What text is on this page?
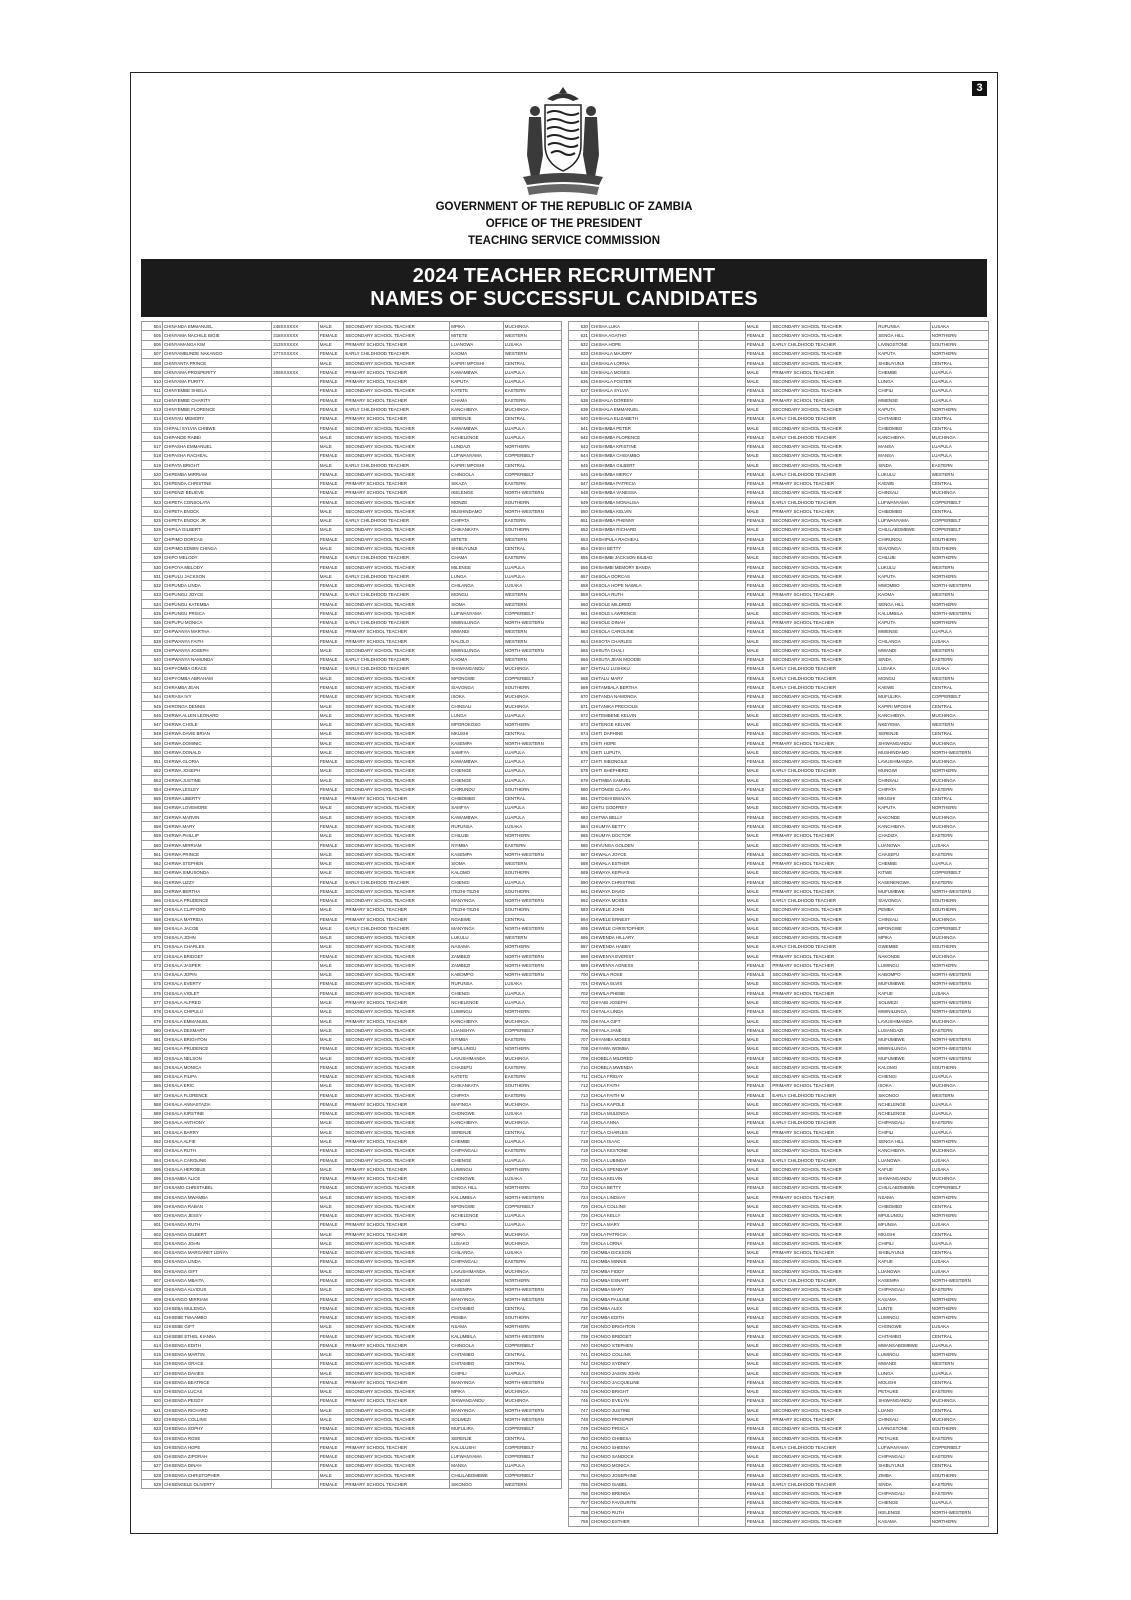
3
GOVERNMENT OF THE REPUBLIC OF ZAMBIA
OFFICE OF THE PRESIDENT
TEACHING SERVICE COMMISSION
2024 TEACHER RECRUITMENT
NAMES OF SUCCESSFUL CANDIDATES
504	CHINANDA EMMANUEL	248XXXXXX	MALE	SECONDARY SCHOOL TEACHER	MPIKA	MUCHINGA
505	CHINYAMA NACHILE BIGIE	318XXXXXX	FEMALE	SECONDARY SCHOOL TEACHER	MITETE	WESTERN
506	CHINYAMANGA KIM	313XXXXXX	MALE	PRIMARY SCHOOL TEACHER	LUANGWA	LUSAKA
507	CHINYAMBUNDE NAKANGO	277XXXXXX	FEMALE	EARLY CHILDHOOD TEACHER	KAOMA	WESTERN
508	CHINYANTA PRINCE		MALE	SECONDARY SCHOOL TEACHER	KAPIRI MPOSHI	CENTRAL
509	CHINYAMA PROSPERITY	209XXXXXX	FEMALE	PRIMARY SCHOOL TEACHER	KAWAMBWA	LUAPULA
510	CHINYAMA PURITY		FEMALE	PRIMARY SCHOOL TEACHER	KAPUTA	LUAPULA
511	CHINYEMBE SHEILA		FEMALE	SECONDARY SCHOOL TEACHER	KATETE	EASTERN
512	CHINYEMBE CHARITY		FEMALE	PRIMARY SCHOOL TEACHER	CHAMA	EASTERN
513	CHINYEMBE FLORENCE		FEMALE	EARLY CHILDHOOD TEACHER	KANCHIBIYA	MUCHINGA
514	CHINYAU MEMORY		FEMALE	PRIMARY SCHOOL TEACHER	SERENJE	CENTRAL
515	CHIPALI SYLVIA CHIBWE		FEMALE	SECONDARY SCHOOL TEACHER	KAWAMBWA	LUAPULA
516	CHIPANDE RABBI		MALE	SECONDARY SCHOOL TEACHER	NCHELENGE	LUAPULA
517	CHIPASHA EMMANUEL		MALE	SECONDARY SCHOOL TEACHER	LUNDAZI	NORTHERN
518	CHIPASHA RACHEAL		FEMALE	SECONDARY SCHOOL TEACHER	LUFWANYAMA	COPPERBELT
519	CHIPATA BRIGHT		MALE	EARLY CHILDHOOD TEACHER	KAPIRI MPOSHI	CENTRAL
520	CHIPEMBA MIRRIAM		FEMALE	SECONDARY SCHOOL TEACHER	CHINGOLA	COPPERBELT
521	CHIPENDA CHRISTINE		FEMALE	PRIMARY SCHOOL TEACHER	SIKAZA	EASTERN
522	CHIPENZI BELIEVE		FEMALE	PRIMARY SCHOOL TEACHER	IKELENGE	NORTH-WESTERN
523	CHIPETA CONSOLATA		FEMALE	SECONDARY SCHOOL TEACHER	MONZE	SOUTHERN
524	CHIPETA ENOCK		MALE	SECONDARY SCHOOL TEACHER	MUSHINDAMO	NORTH-WESTERN
525	CHIPETA ENOCK JR		MALE	EARLY CHILDHOOD TEACHER	CHIPATA	EASTERN
526	CHIPILA GILBERT		MALE	SECONDARY SCHOOL TEACHER	CHIKANKATA	SOUTHERN
527	CHIPIMO DORCAS		FEMALE	SECONDARY SCHOOL TEACHER	MITETE	WESTERN
528	CHIPIMO EDWIN CHINGA		MALE	SECONDARY SCHOOL TEACHER	SHIBUYUNJI	CENTRAL
529	CHIPO MELODY		FEMALE	EARLY CHILDHOOD TEACHER	CHAMA	EASTERN
530	CHIPOYA MELODY		FEMALE	SECONDARY SCHOOL TEACHER	MILENGE	LUAPULA
531	CHIPULU JACKSON		MALE	EARLY CHILDHOOD TEACHER	LUNGA	LUAPULA
532	CHIPUNDA LINDA		FEMALE	SECONDARY SCHOOL TEACHER	CHILANGA	LUSAKA
533	CHIPUNGU JOYCE		FEMALE	EARLY CHILDHOOD TEACHER	MONGU	WESTERN
534	CHIPUNGU KATEMBA		FEMALE	SECONDARY SCHOOL TEACHER	SIOMA	WESTERN
535	CHIPUNGU PRISCA		FEMALE	SECONDARY SCHOOL TEACHER	LUFWANYAMA	COPPERBELT
536	CHIPUPU MONICA		FEMALE	EARLY CHILDHOOD TEACHER	MWINILUNGA	NORTH-WESTERN
537	CHIPWANYA MARTHA		FEMALE	PRIMARY SCHOOL TEACHER	MWANDI	WESTERN
538	CHIPWANYA FAITH		FEMALE	PRIMARY SCHOOL TEACHER	NALOLO	WESTERN
539	CHIPWANYA JOSEPH		MALE	SECONDARY SCHOOL TEACHER	MWINILUNGA	NORTH-WESTERN
540	CHIPWANYA NAMUNDA		FEMALE	EARLY CHILDHOOD TEACHER	KAOMA	WESTERN
541	CHIPYOMBA GRACE		FEMALE	EARLY CHILDHOOD TEACHER	SHIWANGANDU	MUCHINGA
542	CHIPYOMBA ABRAHAM		MALE	SECONDARY SCHOOL TEACHER	MPONGWE	COPPERBELT
543	CHIRAMBA JEAN		FEMALE	SECONDARY SCHOOL TEACHER	SIAVONGA	SOUTHERN
544	CHIRASA IVY		FEMALE	SECONDARY SCHOOL TEACHER	ISOKA	MUCHINGA
545	CHIRONGA DENNIS		MALE	SECONDARY SCHOOL TEACHER	CHINSALI	MUCHINGA
546	CHIRWA ALLEN LEONARD		MALE	SECONDARY SCHOOL TEACHER	LUNGA	LUAPULA
547	CHIRWA CHOLE		MALE	SECONDARY SCHOOL TEACHER	MPOROKOSO	NORTHERN
548	CHIRWA DAVIE BRIAN		MALE	SECONDARY SCHOOL TEACHER	MKUSHI	CENTRAL
549	CHIRWA DOMINIC		MALE	SECONDARY SCHOOL TEACHER	KASEMPA	NORTH-WESTERN
550	CHIRWA DONALD		MALE	SECONDARY SCHOOL TEACHER	SAMFYA	LUAPULA
551	CHIRWA GLORIA		FEMALE	SECONDARY SCHOOL TEACHER	KAWAMBWA	LUAPULA
552	CHIRWA JOSEPH		MALE	SECONDARY SCHOOL TEACHER	CHIENGE	LUAPULA
553	CHIRWA JUSTINE		MALE	SECONDARY SCHOOL TEACHER	CHIENGE	LUAPULA
554	CHIRWA LESLEY		FEMALE	SECONDARY SCHOOL TEACHER	CHIRUNDU	SOUTHERN
555	CHIRWA LIBERTY		FEMALE	PRIMARY SCHOOL TEACHER	CHIBOMBO	CENTRAL
556	CHIRWA LOVEMORE		MALE	SECONDARY SCHOOL TEACHER	SAMFYA	LUAPULA
557	CHIRWA MARVIN		MALE	SECONDARY SCHOOL TEACHER	KAWAMBWA	LUAPULA
558	CHIRWA MARY		FEMALE	SECONDARY SCHOOL TEACHER	RUFUNSA	LUSAKA
559	CHIRWA PHILLIP		MALE	SECONDARY SCHOOL TEACHER	CHILUBI	NORTHERN
560	CHIRWA MIRRIAM		FEMALE	SECONDARY SCHOOL TEACHER	NYIMBA	EASTERN
561	CHIRWA PRINCE		MALE	SECONDARY SCHOOL TEACHER	KASEMPA	NORTH-WESTERN
562	CHIRWA STEPHEN		MALE	SECONDARY SCHOOL TEACHER	SIOMA	WESTERN
563	CHIRWA SIMUSONDA		MALE	SECONDARY SCHOOL TEACHER	KALOMO	SOUTHERN
564	CHIRWA LIZZY		FEMALE	EARLY CHILDHOOD TEACHER	CHIENGI	LUAPULA
565	CHIRWA BERTHA		FEMALE	SECONDARY SCHOOL TEACHER	ITEZHI-TEZHI	SOUTHERN
566	CHISALA PRUDENCE		FEMALE	SECONDARY SCHOOL TEACHER	MANYINGA	NORTH-WESTERN
567	CHISALA CLIFFORD		MALE	PRIMARY SCHOOL TEACHER	ITEZHI-TEZHI	SOUTHERN
568	CHISALA MATRIDA		FEMALE	PRIMARY SCHOOL TEACHER	NGABWE	CENTRAL
569	CHISALA JACOB		MALE	EARLY CHILDHOOD TEACHER	MANYINGA	NORTH-WESTERN
570	CHISALA JOHN		MALE	SECONDARY SCHOOL TEACHER	LUKULU	WESTERN
571	CHISALA CHARLES		MALE	SECONDARY SCHOOL TEACHER	NASAMA	NORTHERN
572	CHISALA BRIDGET		FEMALE	SECONDARY SCHOOL TEACHER	ZAMBEZI	NORTH-WESTERN
573	CHISALA JASPER		MALE	SECONDARY SCHOOL TEACHER	ZAMBEZI	NORTH-WESTERN
574	CHISALA JOPIN		MALE	SECONDARY SCHOOL TEACHER	KABOMPO	NORTH-WESTERN
575	CHISALA EVERTY		FEMALE	SECONDARY SCHOOL TEACHER	RUFUNSA	LUSAKA
576	CHISALA VIOLET		FEMALE	SECONDARY SCHOOL TEACHER	CHIENGI	LUAPULA
577	CHISALA ALFRED		MALE	PRIMARY SCHOOL TEACHER	NCHELENGE	LUAPULA
578	CHISALA CHIPULU		MALE	SECONDARY SCHOOL TEACHER	LUWINGU	NORTHERN
579	CHISALA EMMANUEL		MALE	PRIMARY SCHOOL TEACHER	KANCHIBIYA	MUCHINGA
580	CHISALA DESMART		MALE	SECONDARY SCHOOL TEACHER	LUANSHYA	COPPERBELT
581	CHISALA BRIGHTON		MALE	SECONDARY SCHOOL TEACHER	NYIMBA	EASTERN
582	CHISALA PRUDENCE		FEMALE	SECONDARY SCHOOL TEACHER	MPULUNGU	NORTHERN
583	CHISALA NELSON		MALE	SECONDARY SCHOOL TEACHER	LAVUSHIMANDA	MUCHINGA
584	CHISALA MONICA		FEMALE	SECONDARY SCHOOL TEACHER	CHASEFU	EASTERN
585	CHISALA FILIPA		FEMALE	SECONDARY SCHOOL TEACHER	KATETE	EASTERN
586	CHISALA ERIC		MALE	SECONDARY SCHOOL TEACHER	CHIKANKATA	SOUTHERN
587	CHISALA FLORENCE		FEMALE	SECONDARY SCHOOL TEACHER	CHIPATA	EASTERN
588	CHISALA ANNASTAZIA		FEMALE	PRIMARY SCHOOL TEACHER	MAFINGA	MUCHINGA
589	CHISALA KIRSTINE		FEMALE	SECONDARY SCHOOL TEACHER	CHONGWE	LUSAKA
590	CHISALA ANTHONY		MALE	SECONDARY SCHOOL TEACHER	KANCHIBIYA	MUCHINGA
591	CHISALA BARRY		MALE	SECONDARY SCHOOL TEACHER	SERENJE	CENTRAL
592	CHISALA ALFIE		MALE	PRIMARY SCHOOL TEACHER	CHEMBE	LUAPULA
593	CHISALA RUTH		FEMALE	SECONDARY SCHOOL TEACHER	CHIPANGALI	EASTERN
594	CHISALA CAROLINE		FEMALE	SECONDARY SCHOOL TEACHER	CHIENGE	LUAPULA
595	CHISALA HEROBUS		MALE	PRIMARY SCHOOL TEACHER	LUWINGU	NORTHERN
596	CHISAMBA ALICE		FEMALE	PRIMARY SCHOOL TEACHER	CHONGWE	LUSAKA
597	CHISAMO CHRISTABEL		FEMALE	SECONDARY SCHOOL TEACHER	SENGA HILL	NORTHERN
598	CHISANGA MWAMBA		MALE	SECONDARY SCHOOL TEACHER	KALUMBILA	NORTH-WESTERN
599	CHISANGA RABAN		MALE	SECONDARY SCHOOL TEACHER	MPONGWE	COPPERBELT
600	CHISANGA JESSY		FEMALE	SECONDARY SCHOOL TEACHER	NCHELENGE	LUAPULA
601	CHISANGA RUTH		FEMALE	PRIMARY SCHOOL TEACHER	CHIPILI	LUAPULA
602	CHISANGA GILBERT		MALE	PRIMARY SCHOOL TEACHER	MPIKA	MUCHINGA
603	CHISANGA JOHN		MALE	SECONDARY SCHOOL TEACHER	LUSAKO	MUCHINGA
604	CHISANGA MARGARET LENYA		FEMALE	SECONDARY SCHOOL TEACHER	CHILANGA	LUSAKA
605	CHISANGA LINDA		FEMALE	SECONDARY SCHOOL TEACHER	CHIPANGALI	EASTERN
606	CHISANGA GIFT		MALE	SECONDARY SCHOOL TEACHER	LAVUSHIMANDA	MUCHINGA
607	CHISANGA MBAITA		FEMALE	SECONDARY SCHOOL TEACHER	MUNGWI	NORTHERN
608	CHISANGA ALVIOUS		MALE	SECONDARY SCHOOL TEACHER	KASEMPA	NORTH-WESTERN
609	CHISANGO MIRRIAM		FEMALE	SECONDARY SCHOOL TEACHER	MANYINGA	NORTH-WESTERN
610	CHISEBA MULENGA		FEMALE	SECONDARY SCHOOL TEACHER	CHITAMBO	CENTRAL
611	CHISEBE TWAAMBO		FEMALE	SECONDARY SCHOOL TEACHER	PEMBA	SOUTHERN
612	CHISEBE GIFT		MALE	SECONDARY SCHOOL TEACHER	NSAMA	NORTHERN
613	CHISEBE ETHEL KIANNA		FEMALE	SECONDARY SCHOOL TEACHER	KALUMBILA	NORTH-WESTERN
614	CHISENGA EDITH		FEMALE	PRIMARY SCHOOL TEACHER	CHINGOLA	COPPERBELT
615	CHISENGA MARTIN		MALE	SECONDARY SCHOOL TEACHER	CHITAMBO	CENTRAL
616	CHISENGA GRACE		FEMALE	SECONDARY SCHOOL TEACHER	CHITAMBO	CENTRAL
617	CHISENGA DAVIES		MALE	SECONDARY SCHOOL TEACHER	CHIPILI	LUAPULA
618	CHISENGA BEATRICE		FEMALE	PRIMARY SCHOOL TEACHER	MANYINGA	NORTH-WESTERN
619	CHISENGA LUCAS		MALE	SECONDARY SCHOOL TEACHER	MPIKA	MUCHINGA
620	CHISENGA PEGGY		FEMALE	PRIMARY SCHOOL TEACHER	SHIWANGANDU	MUCHINGA
621	CHISENGA RICHARD		MALE	SECONDARY SCHOOL TEACHER	MANYINGA	NORTH-WESTERN
622	CHISENGA COLLINS		MALE	SECONDARY SCHOOL TEACHER	SOLWEZI	NORTH-WESTERN
623	CHISENGA SOPHY		FEMALE	SECONDARY SCHOOL TEACHER	MUFULIRA	COPPERBELT
624	CHISENGA ROSE		FEMALE	SECONDARY SCHOOL TEACHER	SERENJE	CENTRAL
625	CHISENGA HOPE		FEMALE	PRIMARY SCHOOL TEACHER	KALULUSHI	COPPERBELT
626	CHISENGA ZIPORAH		FEMALE	SECONDARY SCHOOL TEACHER	LUFWANYAMA	COPPERBELT
627	CHISENGA DINAH		FEMALE	SECONDARY SCHOOL TEACHER	MANSA	LUAPULA
628	CHISENGA CHRISTOPHER		MALE	SECONDARY SCHOOL TEACHER	CHILILABOMBWE	COPPERBELT
629	CHISENGELE OLIVERTY		FEMALE	PRIMARY SCHOOL TEACHER	SIKONGO	WESTERN
630	CHISHA LUKA		MALE	SECONDARY SCHOOL TEACHER	RUFUNSA	LUSAKA
631	CHISHA AGATHO		FEMALE	SECONDARY SCHOOL TEACHER	SENGA HILL	NORTHERN
632	CHISHA HOPE		FEMALE	EARLY CHILDHOOD TEACHER	LIVINGSTONE	SOUTHERN
633	CHISHALA MAJORY		FEMALE	SECONDARY SCHOOL TEACHER	KAPUTA	NORTHERN
634	CHISHALA LORNA		FEMALE	SECONDARY SCHOOL TEACHER	SHIBUYUNJI	CENTRAL
635	CHISHALA MOSES		MALE	PRIMARY SCHOOL TEACHER	CHEMBE	LUAPULA
636	CHISHALA FOSTER		MALE	SECONDARY SCHOOL TEACHER	LUNGA	LUAPULA
637	CHISHALA SYLVIA		FEMALE	SECONDARY SCHOOL TEACHER	CHIFILI	LUAPULA
638	CHISHALA DOREEN		FEMALE	PRIMARY SCHOOL TEACHER	MWENSE	LUAPULA
639	CHISHALA EMMANUEL		MALE	SECONDARY SCHOOL TEACHER	KAPUTA	NORTHERN
640	CHISHALA ELIZABETH		FEMALE	EARLY CHILDHOOD TEACHER	CHITAMBO	CENTRAL
641	CHISHIMBA PETER		MALE	SECONDARY SCHOOL TEACHER	CHIBOMBO	CENTRAL
642	CHISHIMBA FLORENCE		FEMALE	EARLY CHILDHOOD TEACHER	KANCHIBIYA	MUCHINGA
643	CHISHIMBA KRISTINE		FEMALE	SECONDARY SCHOOL TEACHER	MANSA	LUAPULA
644	CHISHIMBA CHISAMBO		MALE	SECONDARY SCHOOL TEACHER	MANSA	LUAPULA
645	CHISHIMBA GILBERT		MALE	SECONDARY SCHOOL TEACHER	SINDA	EASTERN
646	CHISHIMBA MERCY		FEMALE	EARLY CHILDHOOD TEACHER	LUKULU	WESTERN
647	CHISHIMBA PATRICIA		FEMALE	PRIMARY SCHOOL TEACHER	KAEWE	CENTRAL
648	CHISHIMBA VANESSA		FEMALE	SECONDARY SCHOOL TEACHER	CHINSALI	MUCHINGA
649	CHISHIMBA MONALISA		FEMALE	EARLY CHILDHOOD TEACHER	LUFWANYAMA	COPPERBELT
650	CHISHIMBA KELVIN		MALE	PRIMARY SCHOOL TEACHER	CHIBOMBO	CENTRAL
651	CHISHIMBA PHENNY		FEMALE	SECONDARY SCHOOL TEACHER	LUFWANYAMA	COPPERBELT
652	CHISHIMBA RICHARD		MALE	SECONDARY SCHOOL TEACHER	CHILILABOMBWE	COPPERBELT
653	CHISHIPULA RACHEAL		FEMALE	SECONDARY SCHOOL TEACHER	CHIRUNDU	SOUTHERN
654	CHISHI BETTY		FEMALE	SECONDARY SCHOOL TEACHER	SIAVONGA	SOUTHERN
655	CHISHIMBI JACKSON BILBAD		MALE	SECONDARY SCHOOL TEACHER	CHILUBI	NORTHERN
656	CHISHIMBI MEMORY BANDA		FEMALE	SECONDARY SCHOOL TEACHER	LUKULU	WESTERN
657	CHISOLA DORCAS		FEMALE	SECONDARY SCHOOL TEACHER	KAPUTA	NORTHERN
658	CHISOLA HOPE NAWILA		FEMALE	SECONDARY SCHOOL TEACHER	MWOMBO	NORTH-WESTERN
659	CHISOLA RUTH		FEMALE	PRIMARY SCHOOL TEACHER	KAOMA	WESTERN
660	CHISOLE MILDRED		FEMALE	SECONDARY SCHOOL TEACHER	SENGA HILL	NORTHERN
661	CHISOLE LAWRENCE		MALE	SECONDARY SCHOOL TEACHER	KALUMBILA	NORTH-WESTERN
662	CHISOLE DINAH		FEMALE	PRIMARY SCHOOL TEACHER	KAPUTA	NORTHERN
663	CHISOLA CAROLINE		FEMALE	SECONDARY SCHOOL TEACHER	MWENSE	LUAPULA
664	CHISOTA CHARLES		MALE	SECONDARY SCHOOL TEACHER	CHILANGA	LUSAKA
665	CHISUTA CHALI		MALE	SECONDARY SCHOOL TEACHER	MWANDI	WESTERN
666	CHISUTA JEAN MOODIE		FEMALE	SECONDARY SCHOOL TEACHER	SINDA	EASTERN
667	CHITALU LUSHIKU		FEMALE	EARLY CHILDHOOD TEACHER	LUSAKA	LUSAKA
668	CHITALU MARY		FEMALE	EARLY CHILDHOOD TEACHER	MONGU	WESTERN
669	CHITAMBALA BERTHA		FEMALE	EARLY CHILDHOOD TEACHER	KAEWE	CENTRAL
670	CHITANDA NAMONGA		FEMALE	SECONDARY SCHOOL TEACHER	MUFULIRA	COPPERBELT
671	CHITANIKA PRECIOUS		FEMALE	SECONDARY SCHOOL TEACHER	KAPIRI MPOSHI	CENTRAL
672	CHITEMBENE KELVIN		MALE	SECONDARY SCHOOL TEACHER	KANCHIBIYA	MUCHINGA
673	CHITENGE KELVIN		MALE	SECONDARY SCHOOL TEACHER	NKEYEMA	WESTERN
674	CHITI DAPHINE		FEMALE	SECONDARY SCHOOL TEACHER	SERENJE	CENTRAL
675	CHITI HOPE		FEMALE	PRIMARY SCHOOL TEACHER	SHIWANGANDU	MUCHINGA
676	CHITI LUPUTA		MALE	SECONDARY SCHOOL TEACHER	MUSHINDAMO	NORTH-WESTERN
677	CHITI SIBONGILE		FEMALE	SECONDARY SCHOOL TEACHER	LAVUSHIMANDA	MUCHINGA
678	CHITI SHEPHERD		MALE	EARLY CHILDHOOD TEACHER	MUNGWI	NORTHERN
679	CHITIMBA SAMUEL		MALE	SECONDARY SCHOOL TEACHER	CHINSALI	MUCHINGA
680	CHITONGE CLARA		FEMALE	SECONDARY SCHOOL TEACHER	CHIPATA	EASTERN
681	CHITOSHI BWALYA		MALE	SECONDARY SCHOOL TEACHER	MKUSHI	CENTRAL
682	CHITU GODFREY		MALE	SECONDARY SCHOOL TEACHER	KAPUTA	NORTHERN
683	CHITWA BELLY		FEMALE	SECONDARY SCHOOL TEACHER	NAKONDE	MUCHINGA
684	CHIUMYA BETTY		FEMALE	SECONDARY SCHOOL TEACHER	KANCHIBIYA	MUCHINGA
685	CHIUMYA DOCTOR		MALE	PRIMARY SCHOOL TEACHER	CHADIZA	EASTERN
686	CHIVUNGA GOLDEN		MALE	SECONDARY SCHOOL TEACHER	LUANGWA	LUSAKA
687	CHIWALA JOYCE		FEMALE	SECONDARY SCHOOL TEACHER	CHASEFU	EASTERN
688	CHIWALA ESTHER		FEMALE	PRIMARY SCHOOL TEACHER	CHEMBE	LUAPULA
689	CHIWAYA KEPHAS		MALE	SECONDARY SCHOOL TEACHER	KITWE	COPPERBELT
690	CHIWAYA CHRISTINE		FEMALE	SECONDARY SCHOOL TEACHER	KASENENGWA	EASTERN
691	CHIWAYA DAVID		MALE	PRIMARY SCHOOL TEACHER	MUFUMBWE	NORTH-WESTERN
692	CHIWAYA MOSES		MALE	EARLY CHILDHOOD TEACHER	SIAVONGA	SOUTHERN
693	CHIWELE JOHN		MALE	SECONDARY SCHOOL TEACHER	PEMBA	SOUTHERN
694	CHIWELE ERNEST		MALE	SECONDARY SCHOOL TEACHER	CHINSALI	MUCHINGA
695	CHIWELE CHRISTOPHER		MALE	SECONDARY SCHOOL TEACHER	MPONGWE	COPPERBELT
696	CHIWENDA HILLARY		MALE	SECONDARY SCHOOL TEACHER	MPIKA	MUCHINGA
697	CHIWENDA HABBY		MALE	EARLY CHILDHOOD TEACHER	GWEMBE	SOUTHERN
698	CHIWENYA EVERIST		MALE	PRIMARY SCHOOL TEACHER	NAKONDE	MUCHINGA
699	CHIWENYA AGNESS		FEMALE	PRIMARY SCHOOL TEACHER	LUWINGU	NORTHERN
700	CHIWILA ROSE		FEMALE	SECONDARY SCHOOL TEACHER	KABOMPO	NORTH-WESTERN
701	CHIWILA ELVIS		MALE	SECONDARY SCHOOL TEACHER	MUFUMBWE	NORTH-WESTERN
702	CHIWILA PHEBE		FEMALE	PRIMARY SCHOOL TEACHER	KAFUE	LUSAKA
703	CHIYABI JOSEPH		MALE	SECONDARY SCHOOL TEACHER	SOLWEZI	NORTH-WESTERN
704	CHIYALA LINDA		FEMALE	SECONDARY SCHOOL TEACHER	MWINILUNGA	NORTH-WESTERN
705	CHIYALA GIFT		MALE	SECONDARY SCHOOL TEACHER	LAVUSHIMANDA	MUCHINGA
706	CHIYALA JANE		FEMALE	SECONDARY SCHOOL TEACHER	LUSANGAZI	EASTERN
707	CHIYAMBA MOSES		MALE	SECONDARY SCHOOL TEACHER	MUFUMBWE	NORTH-WESTERN
708	CHIYAWA WOMBA		MALE	SECONDARY SCHOOL TEACHER	MWINILUNGA	NORTH-WESTERN
709	CHOBELA MILDRED		FEMALE	SECONDARY SCHOOL TEACHER	MUFUMBWE	NORTH-WESTERN
710	CHOBELA MWENDA		MALE	SECONDARY SCHOOL TEACHER	KALOMO	SOUTHERN
711	CHOLA FRIDAY		MALE	SECONDARY SCHOOL TEACHER	CHIENGI	LUAPULA
712	CHOLA FAITH		FEMALE	PRIMARY SCHOOL TEACHER	ISOKA	MUCHINGA
713	CHOLA FAITH M		FEMALE	EARLY CHILDHOOD TEACHER	SIKONGO	WESTERN
714	CHOLA KAPOLE		MALE	SECONDARY SCHOOL TEACHER	NCHELENGE	LUAPULA
715	CHOLA MULENGA		MALE	SECONDARY SCHOOL TEACHER	NCHELENGE	LUAPULA
716	CHOLA ANNA		FEMALE	EARLY CHILDHOOD TEACHER	CHIPANGALI	EASTERN
717	CHOLA CHARLES		MALE	PRIMARY SCHOOL TEACHER	CHIFILI	LUAPULA
718	CHOLA ISAAC		MALE	SECONDARY SCHOOL TEACHER	SENGA HILL	NORTHERN
719	CHOLA KESTONE		MALE	SECONDARY SCHOOL TEACHER	KANCHIBIYA	MUCHINGA
720	CHOLA LUBINDA		FEMALE	EARLY CHILDHOOD TEACHER	LUANGWA	LUSAKA
721	CHOLA SPENDAP		MALE	SECONDARY SCHOOL TEACHER	KAFUE	LUSAKA
722	CHOLA KELVIN		MALE	SECONDARY SCHOOL TEACHER	SHIWANGANDU	MUCHINGA
723	CHOLA BETTY		FEMALE	SECONDARY SCHOOL TEACHER	CHILILABOMBWE	COPPERBELT
724	CHOLA LINDSAY		MALE	PRIMARY SCHOOL TEACHER	NSAMA	NORTHERN
725	CHOLA COLLINS		MALE	SECONDARY SCHOOL TEACHER	CHIBOMBO	CENTRAL
726	CHOLA KELLY		FEMALE	SECONDARY SCHOOL TEACHER	MPULUNGU	NORTHERN
727	CHOLA MARY		FEMALE	SECONDARY SCHOOL TEACHER	MFUNSA	LUSAKA
728	CHOLA PATRICIA		FEMALE	SECONDARY SCHOOL TEACHER	MKUSHI	CENTRAL
729	CHOLA LORNA		FEMALE	SECONDARY SCHOOL TEACHER	CHIPILI	LUAPULA
730	CHOMBA DICKSON		MALE	PRIMARY SCHOOL TEACHER	SHIBUYUNJI	CENTRAL
731	CHOMBA MINNIE		FEMALE	SECONDARY SCHOOL TEACHER	KAFUE	LUSAKA
732	CHOMBA FIDDY		FEMALE	SECONDARY SCHOOL TEACHER	LUANGWA	LUSAKA
733	CHOMBA ESNART		FEMALE	EARLY CHILDHOOD TEACHER	KASEMPA	NORTH-WESTERN
734	CHOMBA MARY		FEMALE	SECONDARY SCHOOL TEACHER	CHIPANGALI	EASTERN
735	CHOMBA PAULINE		FEMALE	SECONDARY SCHOOL TEACHER	KASAMA	NORTHERN
736	CHOMBA ALEX		MALE	SECONDARY SCHOOL TEACHER	LUNTE	NORTHERN
737	CHOMBA EDITH		FEMALE	SECONDARY SCHOOL TEACHER	LUWINGU	NORTHERN
738	CHONGO BRIGHTON		MALE	SECONDARY SCHOOL TEACHER	CHONGWE	LUSAKA
739	CHONGO BRIDGET		FEMALE	SECONDARY SCHOOL TEACHER	CHITAMBO	CENTRAL
740	CHONGO STEPHEN		MALE	SECONDARY SCHOOL TEACHER	MWANSABOMBWE	LUAPULA
741	CHONGO COLLINS		MALE	SECONDARY SCHOOL TEACHER	LUWINGU	NORTHERN
742	CHONGO SYDNEY		MALE	SECONDARY SCHOOL TEACHER	MWANDI	WESTERN
743	CHONGO JASON JOHN		MALE	SECONDARY SCHOOL TEACHER	LUNGA	LUAPULA
744	CHONGO JACQUELINE		FEMALE	SECONDARY SCHOOL TEACHER	MOLISHI	CENTRAL
745	CHONGO BRIGHT		MALE	SECONDARY SCHOOL TEACHER	PETAUKE	EASTERN
746	CHONGO EVELYN		FEMALE	SECONDARY SCHOOL TEACHER	SHIWANGANDU	MUCHINGA
747	CHONGO JUSTINE		MALE	SECONDARY SCHOOL TEACHER	LUANO	CENTRAL
748	CHONGO PROSPER		MALE	PRIMARY SCHOOL TEACHER	CHINSALI	MUCHINGA
749	CHONGO PRISCA		FEMALE	SECONDARY SCHOOL TEACHER	LIVINGSTONE	SOUTHERN
750	CHONGO CHIBESA		FEMALE	SECONDARY SCHOOL TEACHER	PETAUKE	EASTERN
751	CHONGO SHEENA		FEMALE	EARLY CHILDHOOD TEACHER	LUFWANYAMA	COPPERBELT
752	CHONGO SANDOCK		MALE	SECONDARY SCHOOL TEACHER	CHIPANGALI	EASTERN
753	CHONGO MONICA		FEMALE	SECONDARY SCHOOL TEACHER	SHIBUYUNJI	CENTRAL
754	CHONGO JOSEPHINE		FEMALE	SECONDARY SCHOOL TEACHER	ZIMBA	SOUTHERN
755	CHONGO ISABEL		FEMALE	EARLY CHILDHOOD TEACHER	SINDA	EASTERN
756	CHONGO BRENDA		FEMALE	SECONDARY SCHOOL TEACHER	CHIPANGALI	EASTERN
757	CHONGO FAVOURITE		FEMALE	SECONDARY SCHOOL TEACHER	CHIENGE	LUAPULA
758	CHONGO RUTH		FEMALE	SECONDARY SCHOOL TEACHER	IKELENGE	NORTH-WESTERN
759	CHONGO ESTHER		FEMALE	SECONDARY SCHOOL TEACHER	KASAMA	NORTHERN
